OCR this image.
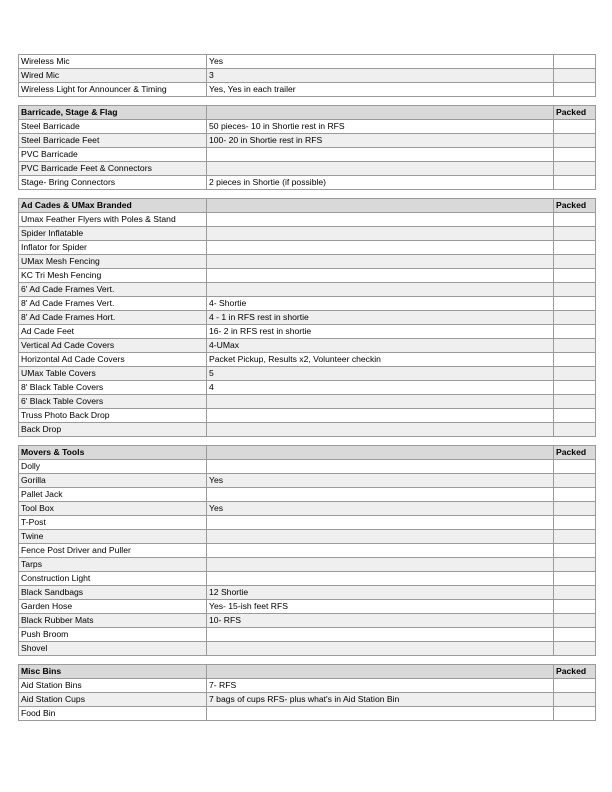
Wireless Mic	Yes	
Wired Mic	3	
Wireless Light for Announcer & Timing	Yes, Yes in each trailer	

Barricade, Stage & Flag		Packed
Steel Barricade	50 pieces- 10 in Shortie rest in RFS	
Steel Barricade Feet	100- 20 in Shortie rest in RFS	
PVC Barricade		
PVC Barricade Feet & Connectors		
Stage- Bring Connectors	2 pieces in Shortie (if possible)	

Ad Cades & UMax Branded		Packed
Umax Feather Flyers with Poles & Stand		
Spider Inflatable		
Inflator for Spider		
UMax Mesh Fencing		
KC Tri Mesh Fencing		
6' Ad Cade Frames Vert.		
8' Ad Cade Frames Vert.	4- Shortie	
8' Ad Cade Frames Hort.	4 - 1 in RFS rest in shortie	
Ad Cade Feet	16- 2 in RFS rest in shortie	
Vertical Ad Cade Covers	4-UMax	
Horizontal Ad Cade Covers	Packet Pickup, Results x2, Volunteer checkin	
UMax Table Covers	5	
8' Black Table Covers	4	
6' Black Table Covers		
Truss Photo Back Drop		
Back Drop		

Movers & Tools		Packed
Dolly		
Gorilla	Yes	
Pallet Jack		
Tool Box	Yes	
T-Post		
Twine		
Fence Post Driver and Puller		
Tarps		
Construction Light		
Black Sandbags	12 Shortie	
Garden Hose	Yes- 15-ish feet RFS	
Black Rubber Mats	10- RFS	
Push Broom		
Shovel		

Misc Bins		Packed
Aid Station Bins	7- RFS	
Aid Station Cups	7 bags of cups RFS- plus what's in Aid Station Bin	
Food Bin		
